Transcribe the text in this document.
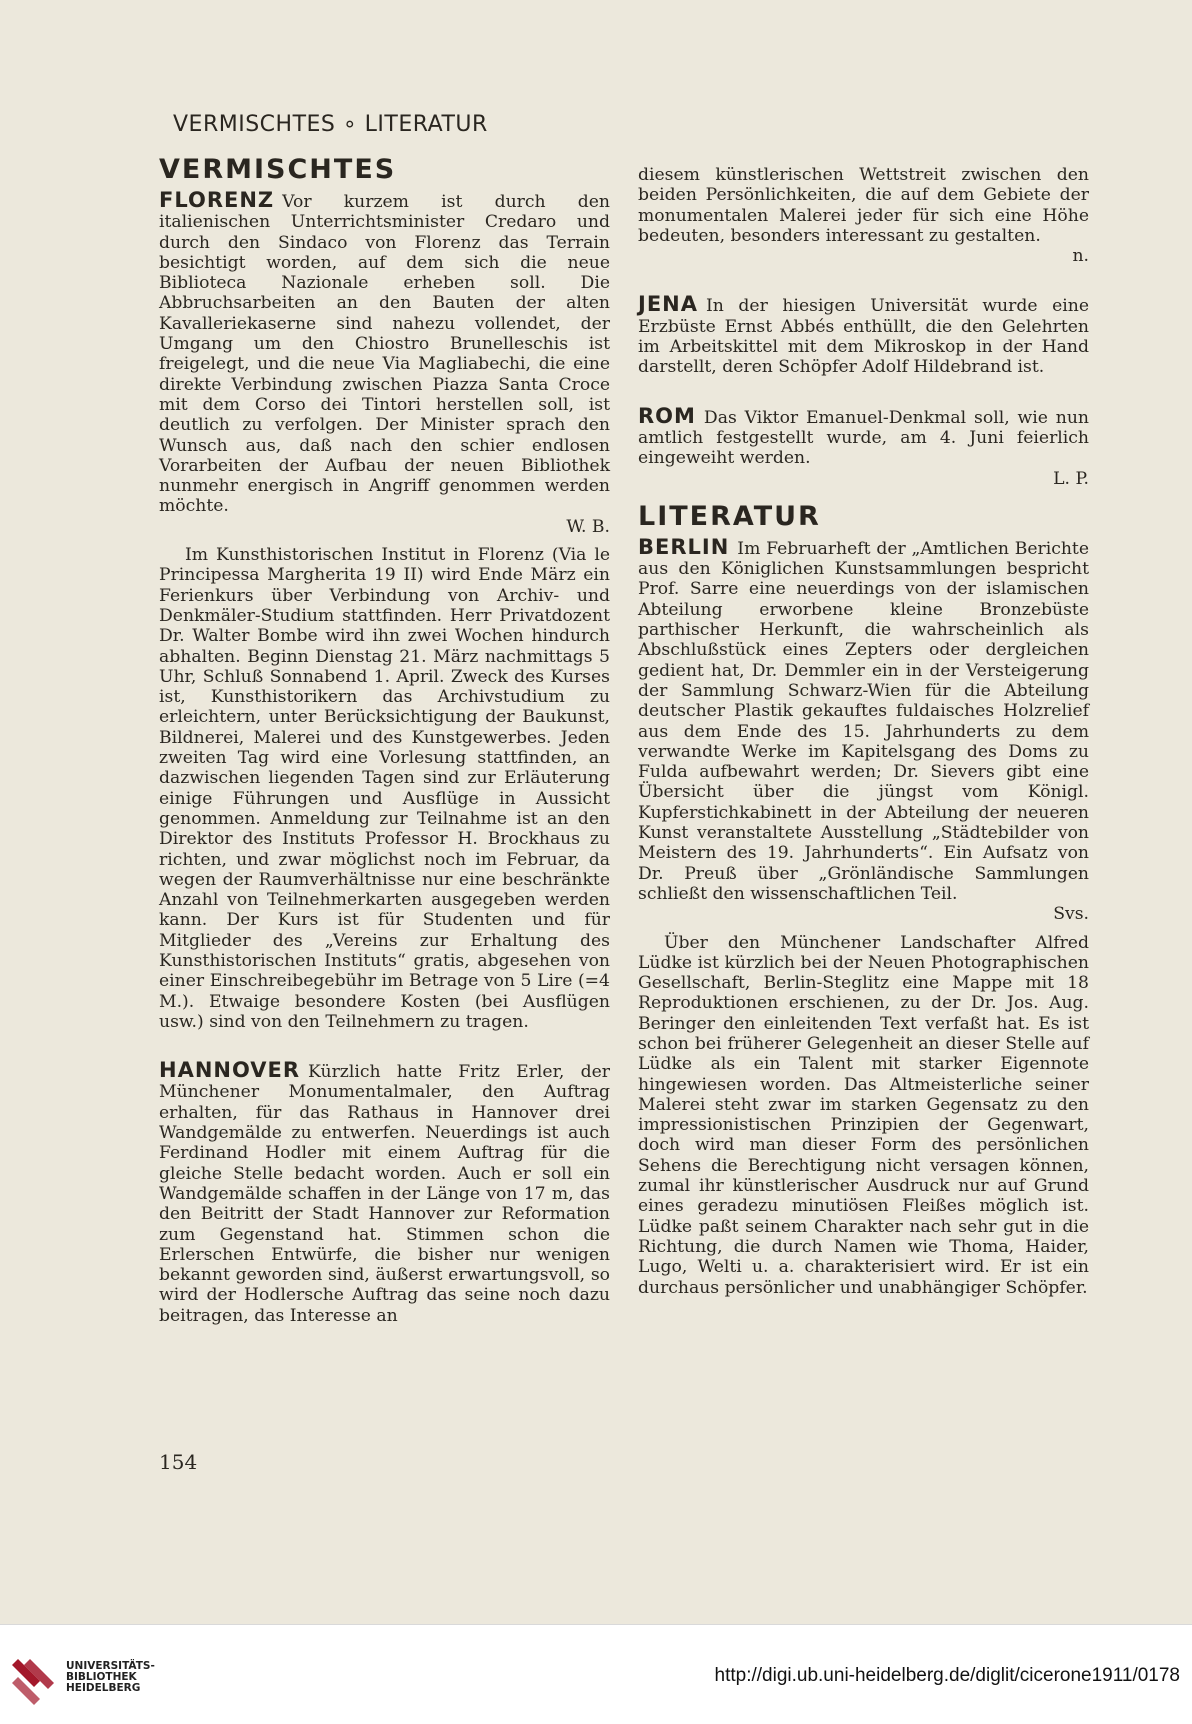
VERMISCHTES ∘ LITERATUR
VERMISCHTES

FLORENZ Vor kurzem ist durch den italienischen Unterrichtsminister Credaro und durch den Sindaco von Florenz das Terrain besichtigt worden, auf dem sich die neue Biblioteca Nazionale erheben soll. Die Abbruchsarbeiten an den Bauten der alten Kavalleriekaserne sind nahezu vollendet, der Umgang um den Chiostro Brunelleschis ist freigelegt, und die neue Via Magliabechi, die eine direkte Verbindung zwischen Piazza Santa Croce mit dem Corso dei Tintori herstellen soll, ist deutlich zu verfolgen. Der Minister sprach den Wunsch aus, daß nach den schier endlosen Vorarbeiten der Aufbau der neuen Bibliothek nunmehr energisch in Angriff genommen werden möchte.
W. B.

Im Kunsthistorischen Institut in Florenz (Via le Principessa Margherita 19 II) wird Ende März ein Ferienkurs über Verbindung von Archiv- und Denkmäler-Studium stattfinden. Herr Privatdozent Dr. Walter Bombe wird ihn zwei Wochen hindurch abhalten. Beginn Dienstag 21. März nachmittags 5 Uhr, Schluß Sonnabend 1. April. Zweck des Kurses ist, Kunsthistorikern das Archivstudium zu erleichtern, unter Berücksichtigung der Baukunst, Bildnerei, Malerei und des Kunstgewerbes. Jeden zweiten Tag wird eine Vorlesung stattfinden, an dazwischen liegenden Tagen sind zur Erläuterung einige Führungen und Ausflüge in Aussicht genommen. Anmeldung zur Teilnahme ist an den Direktor des Instituts Professor H. Brockhaus zu richten, und zwar möglichst noch im Februar, da wegen der Raumverhältnisse nur eine beschränkte Anzahl von Teilnehmerkarten ausgegeben werden kann. Der Kurs ist für Studenten und für Mitglieder des „Vereins zur Erhaltung des Kunsthistorischen Instituts“ gratis, abgesehen von einer Einschreibegebühr im Betrage von 5 Lire (=4 M.). Etwaige besondere Kosten (bei Ausflügen usw.) sind von den Teilnehmern zu tragen.

HANNOVER Kürzlich hatte Fritz Erler, der Münchener Monumentalmaler, den Auftrag erhalten, für das Rathaus in Hannover drei Wandgemälde zu entwerfen. Neuerdings ist auch Ferdinand Hodler mit einem Auftrag für die gleiche Stelle bedacht worden. Auch er soll ein Wandgemälde schaffen in der Länge von 17 m, das den Beitritt der Stadt Hannover zur Reformation zum Gegenstand hat. Stimmen schon die Erlerschen Entwürfe, die bisher nur wenigen bekannt geworden sind, äußerst erwartungsvoll, so wird der Hodlersche Auftrag das seine noch dazu beitragen, das Interesse an

diesem künstlerischen Wettstreit zwischen den beiden Persönlichkeiten, die auf dem Gebiete der monumentalen Malerei jeder für sich eine Höhe bedeuten, besonders interessant zu gestalten.
n.

JENA In der hiesigen Universität wurde eine Erzbüste Ernst Abbés enthüllt, die den Gelehrten im Arbeitskittel mit dem Mikroskop in der Hand darstellt, deren Schöpfer Adolf Hildebrand ist.

ROM Das Viktor Emanuel-Denkmal soll, wie nun amtlich festgestellt wurde, am 4. Juni feierlich eingeweiht werden.
L. P.

LITERATUR

BERLIN Im Februarheft der „Amtlichen Berichte aus den Königlichen Kunstsammlungen bespricht Prof. Sarre eine neuerdings von der islamischen Abteilung erworbene kleine Bronzebüste parthischer Herkunft, die wahrscheinlich als Abschlußstück eines Zepters oder dergleichen gedient hat, Dr. Demmler ein in der Versteigerung der Sammlung Schwarz-Wien für die Abteilung deutscher Plastik gekauftes fuldaisches Holzrelief aus dem Ende des 15. Jahrhunderts zu dem verwandte Werke im Kapitelsgang des Doms zu Fulda aufbewahrt werden; Dr. Sievers gibt eine Übersicht über die jüngst vom Königl. Kupferstichkabinett in der Abteilung der neueren Kunst veranstaltete Ausstellung „Städtebilder von Meistern des 19. Jahrhunderts“. Ein Aufsatz von Dr. Preuß über „Grönländische Sammlungen schließt den wissenschaftlichen Teil.
Svs.

Über den Münchener Landschafter Alfred Lüdke ist kürzlich bei der Neuen Photographischen Gesellschaft, Berlin-Steglitz eine Mappe mit 18 Reproduktionen erschienen, zu der Dr. Jos. Aug. Beringer den einleitenden Text verfaßt hat. Es ist schon bei früherer Gelegenheit an dieser Stelle auf Lüdke als ein Talent mit starker Eigennote hingewiesen worden. Das Altmeisterliche seiner Malerei steht zwar im starken Gegensatz zu den impressionistischen Prinzipien der Gegenwart, doch wird man dieser Form des persönlichen Sehens die Berechtigung nicht versagen können, zumal ihr künstlerischer Ausdruck nur auf Grund eines geradezu minutiösen Fleißes möglich ist. Lüdke paßt seinem Charakter nach sehr gut in die Richtung, die durch Namen wie Thoma, Haider, Lugo, Welti u. a. charakterisiert wird. Er ist ein durchaus persönlicher und unabhängiger Schöpfer.

154
UNIVERSITÄTS-
BIBLIOTHEK
HEIDELBERG
http://digi.ub.uni-heidelberg.de/diglit/cicerone1911/0178
